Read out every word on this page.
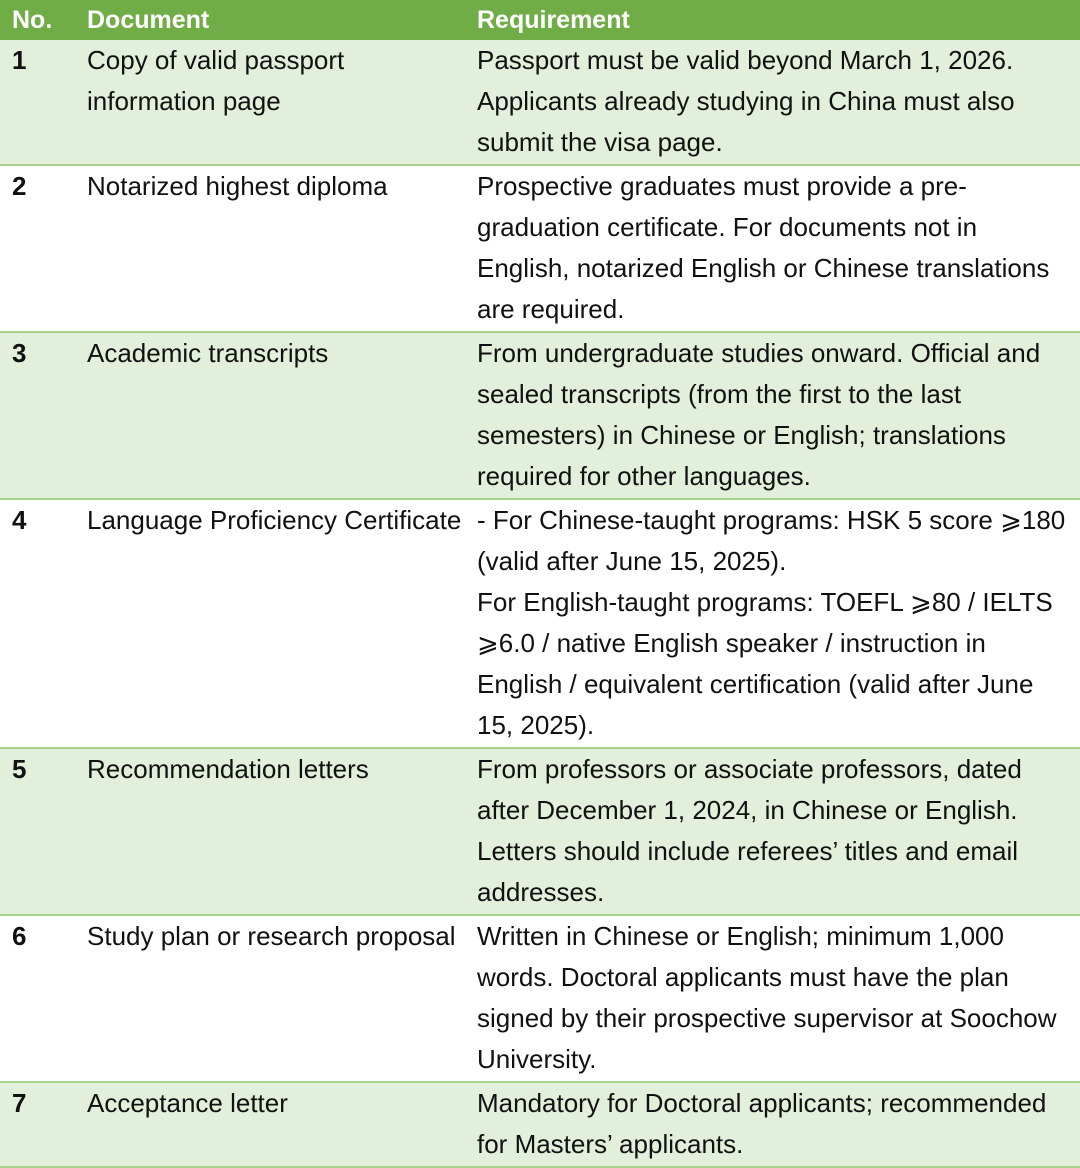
No.	Document	Requirement
1	Copy of valid passport information page	Passport must be valid beyond March 1, 2026. Applicants already studying in China must also submit the visa page.

2	Notarized highest diploma	Prospective graduates must provide a pre-graduation certificate. For documents not in English, notarized English or Chinese translations are required.

3	Academic transcripts	From undergraduate studies onward. Official and sealed transcripts (from the first to the last semesters) in Chinese or English; translations required for other languages.

4	Language Proficiency Certificate	- For Chinese-taught programs: HSK 5 score ⩾180 (valid after June 15, 2025).
For English-taught programs: TOEFL ⩾80 / IELTS ⩾6.0 / native English speaker / instruction in English / equivalent certification (valid after June 15, 2025).

5	Recommendation letters	From professors or associate professors, dated after December 1, 2024, in Chinese or English. Letters should include referees’ titles and email addresses.

6	Study plan or research proposal	Written in Chinese or English; minimum 1,000 words. Doctoral applicants must have the plan signed by their prospective supervisor at Soochow University.

7	Acceptance letter	Mandatory for Doctoral applicants; recommended for Masters’ applicants.
